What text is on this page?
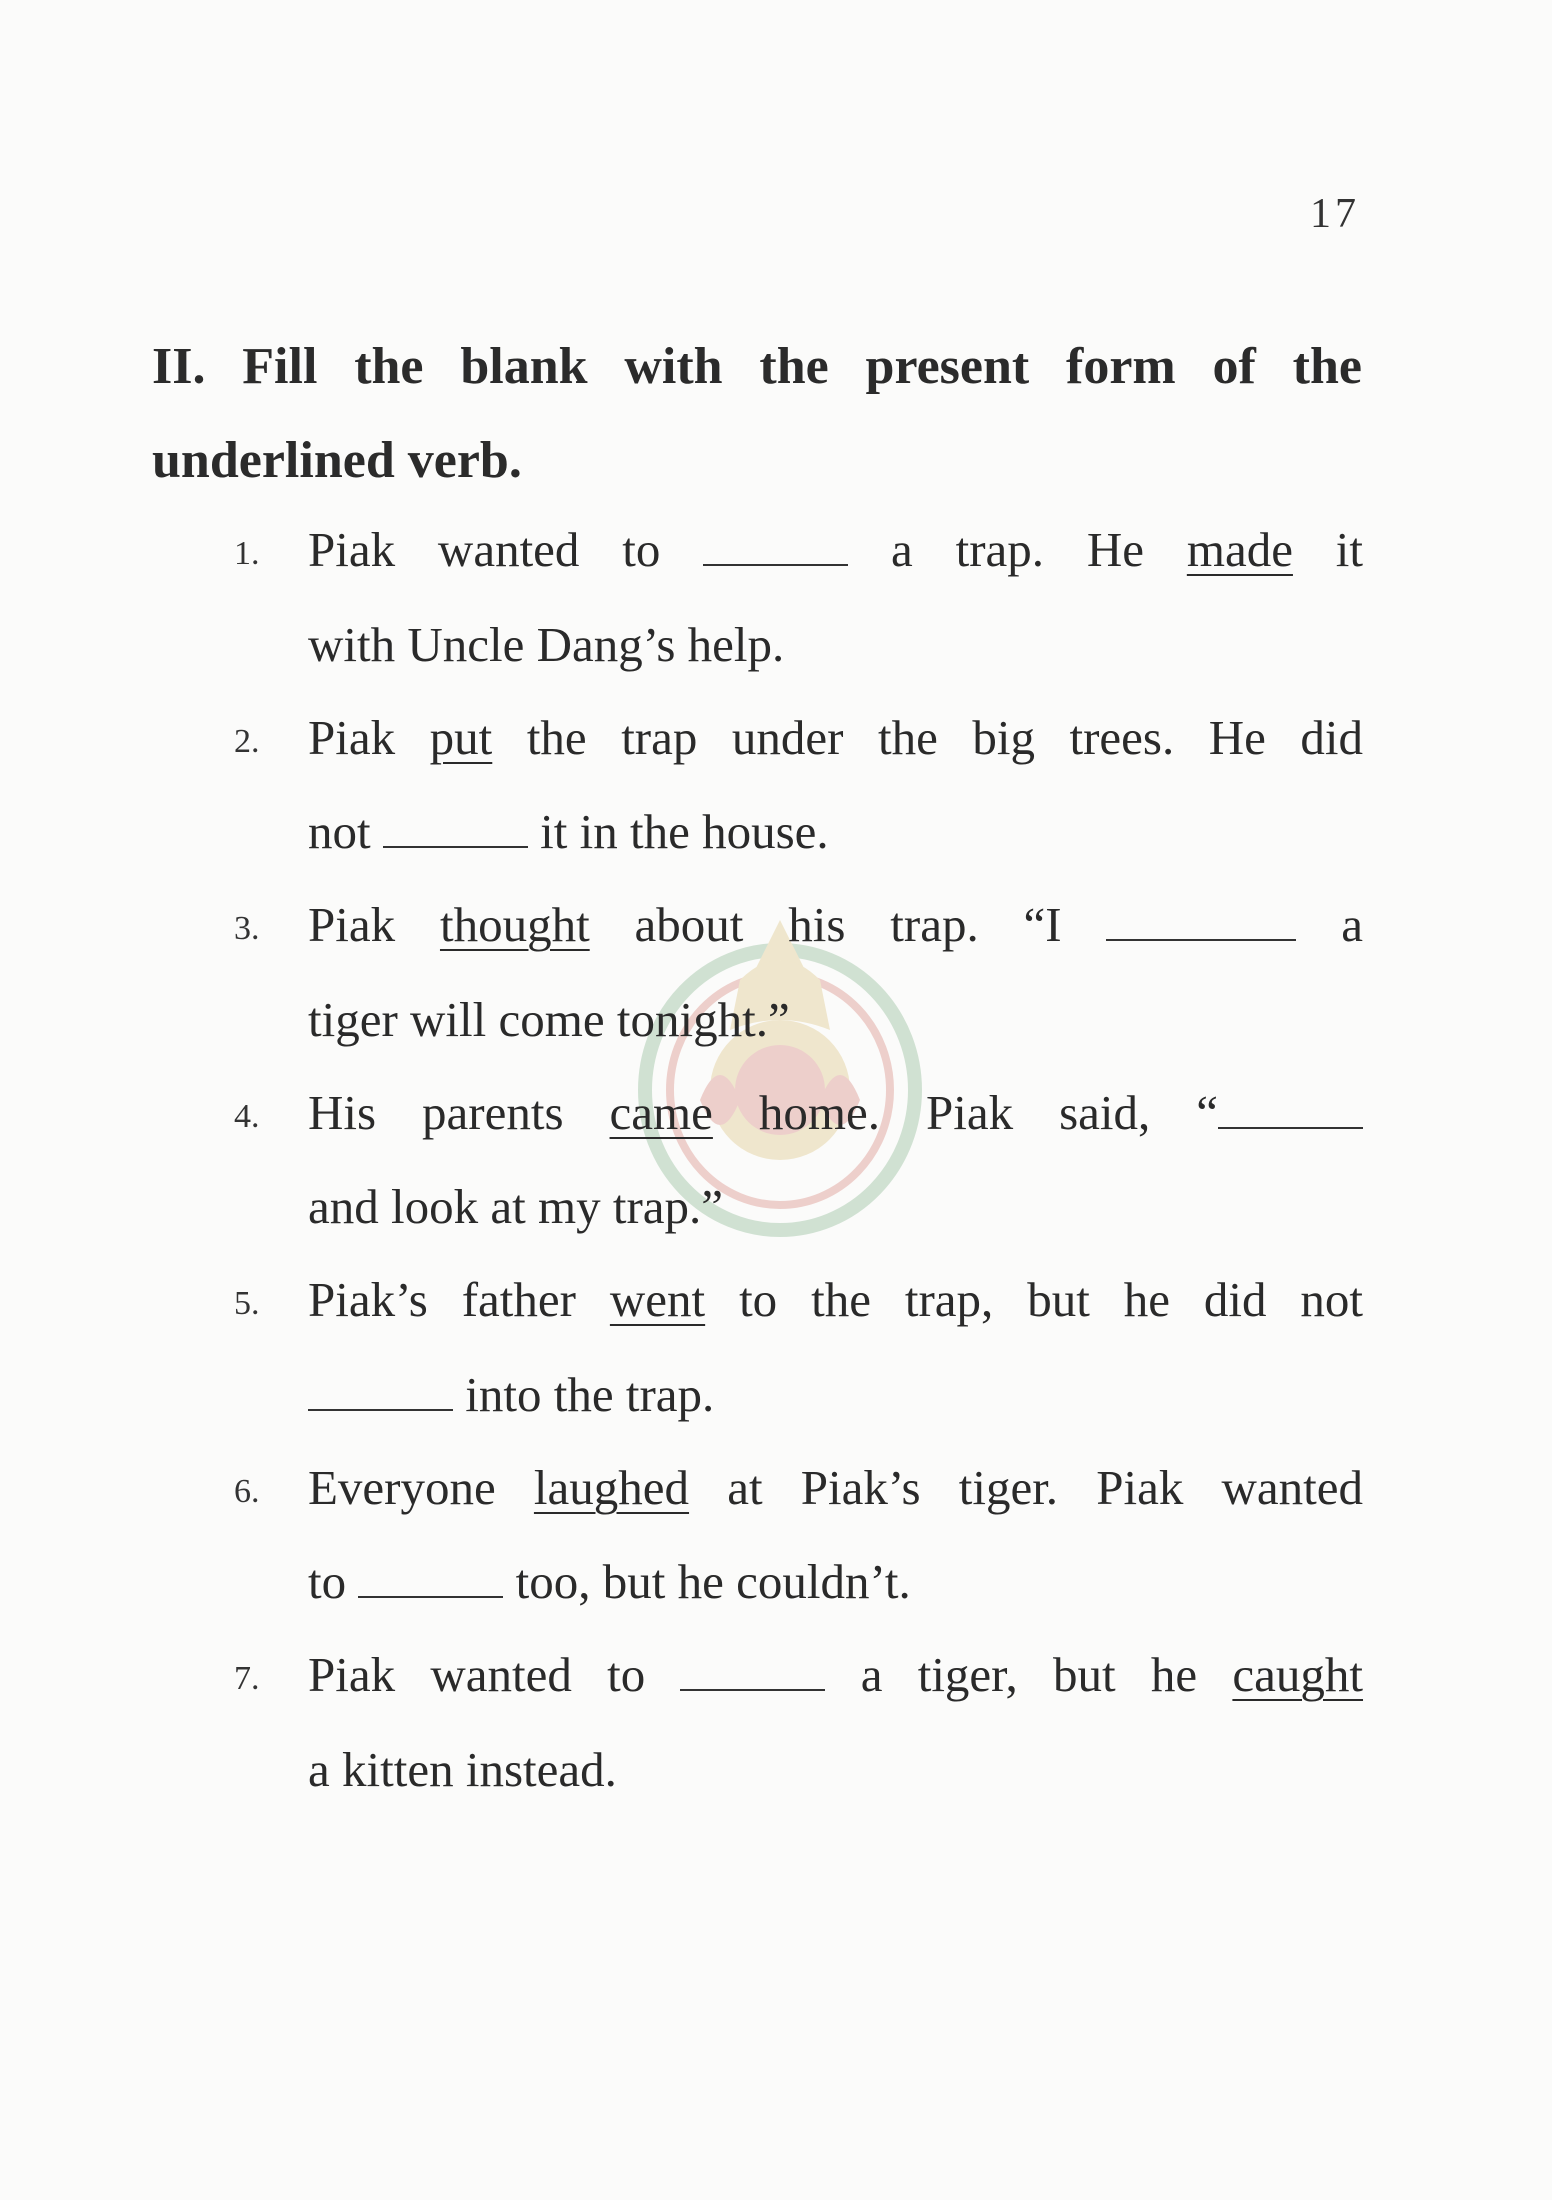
17
II. Fill the blank with the present form of the
underlined verb.
1. Piak wanted to	a trap. He made it
with Uncle Dang’s help.
2. Piak put the trap under the big trees. He did
not	it in the house.
3. Piak thought about his trap. “I	a
tiger will come tonight.”
4. His parents came home. Piak said, “
and look at my trap.”
5. Piak’s father went to the trap, but he did not
into the trap.
6. Everyone laughed at Piak’s tiger. Piak wanted
to	too, but he couldn’t.
7. Piak wanted to	a tiger, but he caught
a kitten instead.
